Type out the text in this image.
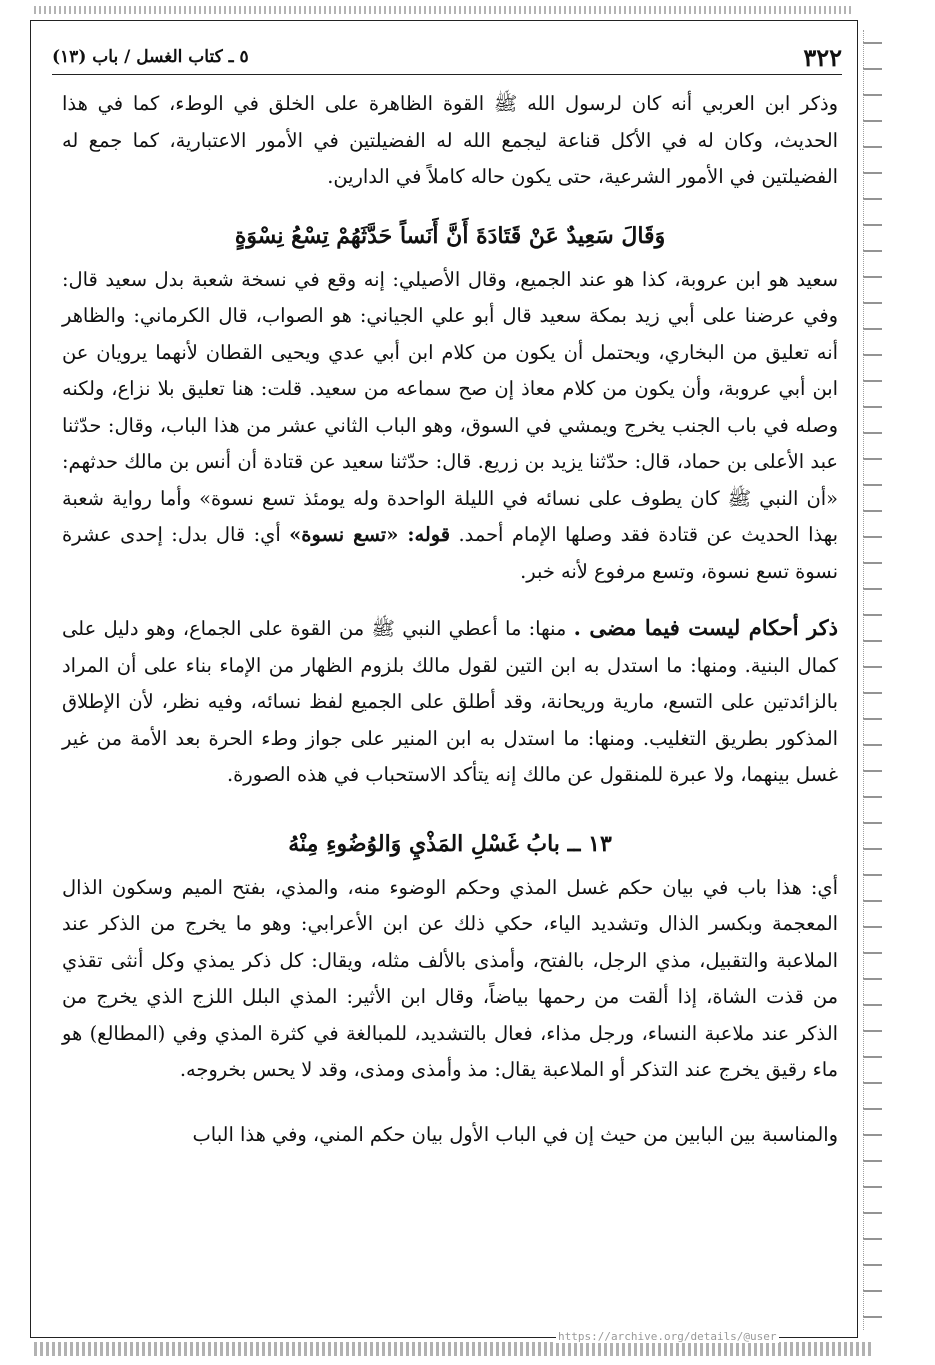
٥ ـ كتاب الغسل / باب (١٣)	٣٢٢

وذكر ابن العربي أنه كان لرسول الله ﷺ القوة الظاهرة على الخلق في الوطء، كما في هذا الحديث، وكان له في الأكل قناعة ليجمع الله له الفضيلتين في الأمور الاعتبارية، كما جمع له الفضيلتين في الأمور الشرعية، حتى يكون حاله كاملاً في الدارين.

وَقَالَ سَعِيدٌ عَنْ قَتَادَةَ أَنَّ أَنَساً حَدَّثَهُمْ تِسْعُ نِسْوَةٍ

سعيد هو ابن عروبة، كذا هو عند الجميع، وقال الأصيلي: إنه وقع في نسخة شعبة بدل سعيد قال: وفي عرضنا على أبي زيد بمكة سعيد قال أبو علي الجياني: هو الصواب، قال الكرماني: والظاهر أنه تعليق من البخاري، ويحتمل أن يكون من كلام ابن أبي عدي ويحيى القطان لأنهما يرويان عن ابن أبي عروبة، وأن يكون من كلام معاذ إن صح سماعه من سعيد. قلت: هنا تعليق بلا نزاع، ولكنه وصله في باب الجنب يخرج ويمشي في السوق، وهو الباب الثاني عشر من هذا الباب، وقال: حدّثنا عبد الأعلى بن حماد، قال: حدّثنا يزيد بن زريع. قال: حدّثنا سعيد عن قتادة أن أنس بن مالك حدثهم: «أن النبي ﷺ كان يطوف على نسائه في الليلة الواحدة وله يومئذ تسع نسوة» وأما رواية شعبة بهذا الحديث عن قتادة فقد وصلها الإمام أحمد. قوله: «تسع نسوة» أي: قال بدل: إحدى عشرة نسوة تسع نسوة، وتسع مرفوع لأنه خبر.

ذكر أحكام ليست فيما مضى . منها: ما أعطي النبي ﷺ من القوة على الجماع، وهو دليل على كمال البنية. ومنها: ما استدل به ابن التين لقول مالك بلزوم الظهار من الإماء بناء على أن المراد بالزائدتين على التسع، مارية وريحانة، وقد أطلق على الجميع لفظ نسائه، وفيه نظر، لأن الإطلاق المذكور بطريق التغليب. ومنها: ما استدل به ابن المنير على جواز وطء الحرة بعد الأمة من غير غسل بينهما، ولا عبرة للمنقول عن مالك إنه يتأكد الاستحباب في هذه الصورة.

١٣ ــ بابُ غَسْلِ المَذْيِ وَالوُضُوءِ مِنْهُ

أي: هذا باب في بيان حكم غسل المذي وحكم الوضوء منه، والمذي، بفتح الميم وسكون الذال المعجمة وبكسر الذال وتشديد الياء، حكي ذلك عن ابن الأعرابي: وهو ما يخرج من الذكر عند الملاعبة والتقبيل، مذي الرجل، بالفتح، وأمذى بالألف مثله، ويقال: كل ذكر يمذي وكل أنثى تقذي من قذت الشاة، إذا ألقت من رحمها بياضاً، وقال ابن الأثير: المذي البلل اللزج الذي يخرج من الذكر عند ملاعبة النساء، ورجل مذاء، فعال بالتشديد، للمبالغة في كثرة المذي وفي (المطالع) هو ماء رقيق يخرج عند التذكر أو الملاعبة يقال: مذ وأمذى ومذى، وقد لا يحس بخروجه.

والمناسبة بين البابين من حيث إن في الباب الأول بيان حكم المني، وفي هذا الباب

https://archive.org/details/@user
